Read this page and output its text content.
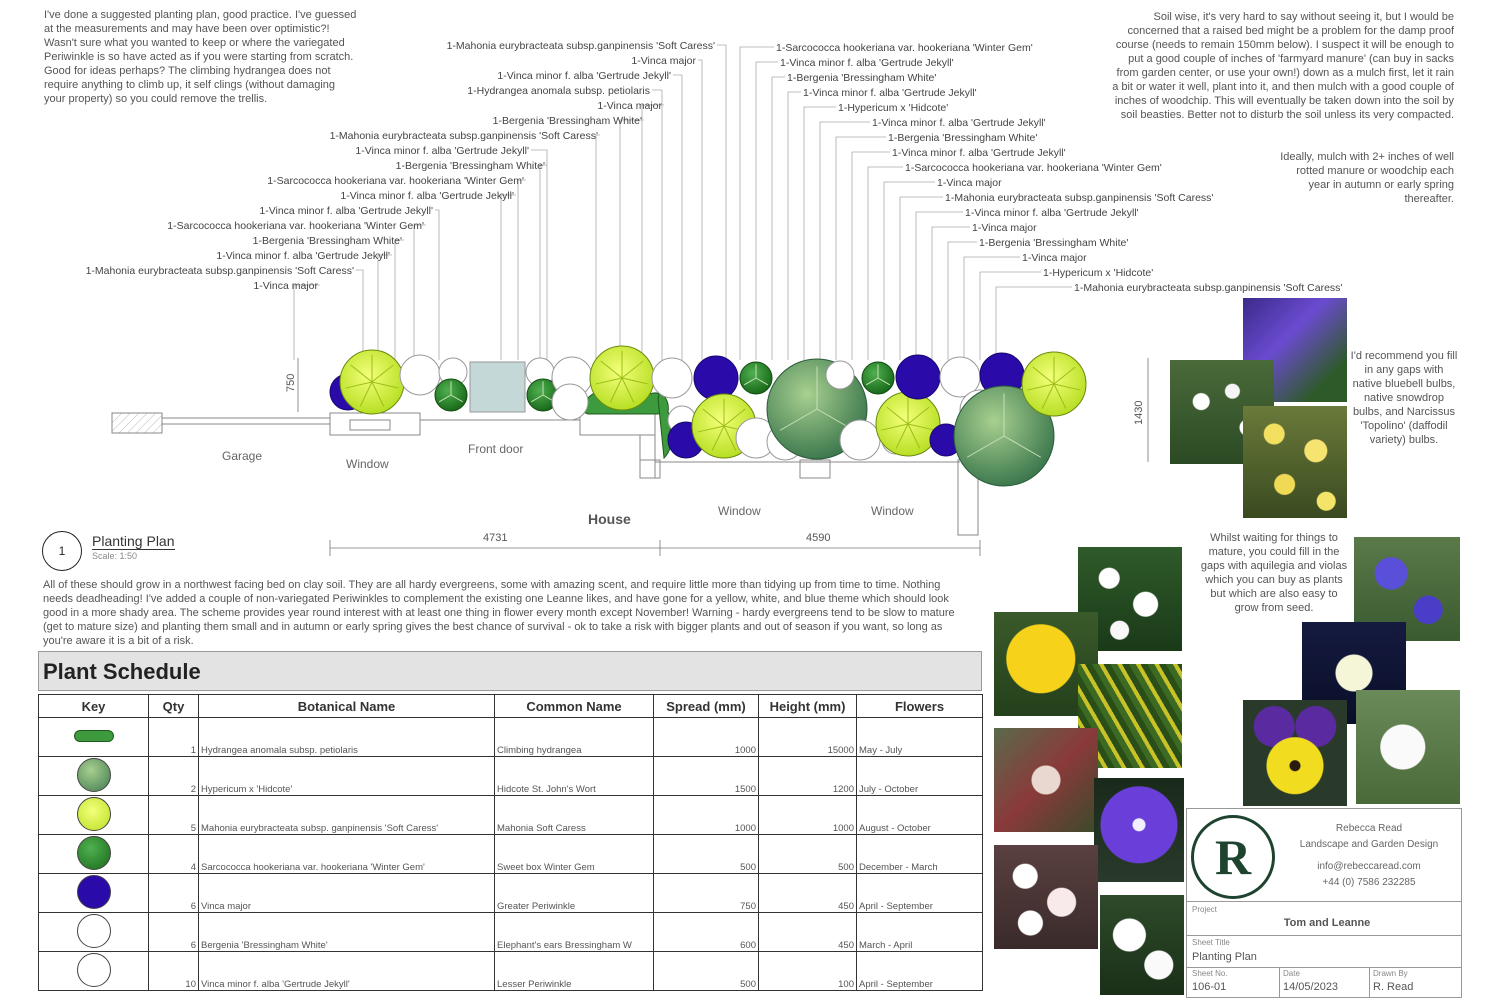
I've done a suggested planting plan, good practice. I've guessed at the measurements and may have been over optimistic?! Wasn't sure what you wanted to keep or where the variegated Periwinkle is so have acted as if you were starting from scratch. Good for ideas perhaps? The climbing hydrangea does not require anything to climb up, it self clings (without damaging your property) so you could remove the trellis.
Soil wise, it's very hard to say without seeing it, but I would be concerned that a raised bed might be a problem for the damp proof course (needs to remain 150mm below). I suspect it will be enough to put a good couple of inches of 'farmyard manure' (can buy in sacks from garden center, or use your own!) down as a mulch first, let it rain a bit or water it well, plant into it, and then mulch with a good couple of inches of woodchip. This will eventually be taken down into the soil by soil beasties. Better not to disturb the soil unless its very compacted.
Ideally, mulch with 2+ inches of well rotted manure or woodchip each year in autumn or early spring thereafter.
I'd recommend you fill in any gaps with native bluebell bulbs, native snowdrop bulbs, and Narcissus 'Topolino' (daffodil variety) bulbs.
Whilst waiting for things to mature, you could fill in the gaps with aquilegia and violas which you can buy as plants but which are also easy to grow from seed.
1-Mahonia eurybracteata subsp.ganpinensis 'Soft Caress'
1-Vinca major
1-Vinca minor f. alba 'Gertrude Jekyll'
1-Hydrangea anomala subsp. petiolaris
1-Vinca major
1-Bergenia 'Bressingham White'
1-Mahonia eurybracteata subsp.ganpinensis 'Soft Caress'
1-Vinca minor f. alba 'Gertrude Jekyll'
1-Bergenia 'Bressingham White'
1-Sarcococca hookeriana var. hookeriana 'Winter Gem'
1-Vinca minor f. alba 'Gertrude Jekyll'
1-Vinca minor f. alba 'Gertrude Jekyll'
1-Sarcococca hookeriana var. hookeriana 'Winter Gem'
1-Bergenia 'Bressingham White'
1-Vinca minor f. alba 'Gertrude Jekyll'
1-Mahonia eurybracteata subsp.ganpinensis 'Soft Caress'
1-Vinca major
1-Sarcococca hookeriana var. hookeriana 'Winter Gem'
1-Vinca minor f. alba 'Gertrude Jekyll'
1-Bergenia 'Bressingham White'
1-Vinca minor f. alba 'Gertrude Jekyll'
1-Hypericum x 'Hidcote'
1-Vinca minor f. alba 'Gertrude Jekyll'
1-Bergenia 'Bressingham White'
1-Vinca minor f. alba 'Gertrude Jekyll'
1-Sarcococca hookeriana var. hookeriana 'Winter Gem'
1-Vinca major
1-Mahonia eurybracteata subsp.ganpinensis 'Soft Caress'
1-Vinca minor f. alba 'Gertrude Jekyll'
1-Vinca major
1-Bergenia 'Bressingham White'
1-Vinca major
1-Hypericum x 'Hidcote'
1-Mahonia eurybracteata subsp.ganpinensis 'Soft Caress'
4731	4590
750
1430
Garage
Window
Front door
House	Window	Window
1
Planting Plan
Scale: 1:50
All of these should grow in a northwest facing bed on clay soil. They are all hardy evergreens, some with amazing scent, and require little more than tidying up from time to time. Nothing needs deadheading! I've added a couple of non-variegated Periwinkles to complement the existing one Leanne likes, and have gone for a yellow, white, and blue theme which should look good in a more shady area. The scheme provides year round interest with at least one thing in flower every month except November! Warning - hardy evergreens tend to be slow to mature (get to mature size) and planting them small and in autumn or early spring gives the best chance of survival - ok to take a risk with bigger plants and out of season if you want, so long as you're aware it is a bit of a risk.
Plant Schedule
Key	Qty	Botanical Name	Common Name	Spread (mm)	Height (mm)	Flowers
	1	Hydrangea anomala subsp. petiolaris	Climbing hydrangea	1000	15000	May - July
	2	Hypericum x 'Hidcote'	Hidcote St. John's Wort	1500	1200	July - October
	5	Mahonia eurybracteata subsp. ganpinensis 'Soft Caress'	Mahonia Soft Caress	1000	1000	August - October
	4	Sarcococca hookeriana var. hookeriana 'Winter Gem'	Sweet box Winter Gem	500	500	December - March
	6	Vinca major	Greater Periwinkle	750	450	April - September
	6	Bergenia 'Bressingham White'	Elephant's ears Bressingham W	600	450	March - April
	10	Vinca minor f. alba 'Gertrude Jekyll'	Lesser Periwinkle	500	100	April - September
R
Rebecca Read
Landscape and Garden Design
info@rebeccaread.com
+44 (0) 7586 232285
Project
Tom and Leanne
Sheet Title
Planting Plan
Sheet No.
106-01
Date
14/05/2023
Drawn By
R. Read
